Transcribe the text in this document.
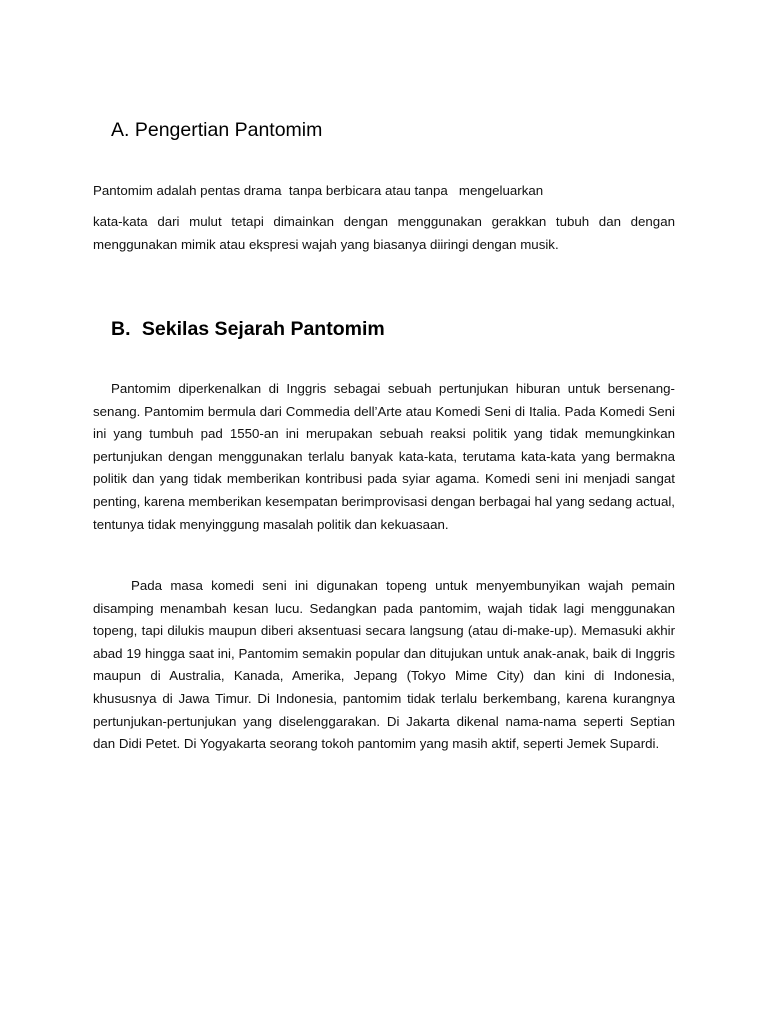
A. Pengertian Pantomim

Pantomim adalah pentas drama  tanpa berbicara atau tanpa   mengeluarkan

kata-kata dari mulut tetapi dimainkan dengan menggunakan gerakkan tubuh dan dengan menggunakan mimik atau ekspresi wajah yang biasanya diiringi dengan musik.

B. Sekilas Sejarah Pantomim

Pantomim diperkenalkan di Inggris sebagai sebuah pertunjukan hiburan untuk bersenang-senang. Pantomim bermula dari Commedia dell’Arte atau Komedi Seni di Italia. Pada Komedi Seni ini yang tumbuh pad 1550-an ini merupakan sebuah reaksi politik yang tidak memungkinkan pertunjukan dengan menggunakan terlalu banyak kata-kata, terutama kata-kata yang bermakna politik dan yang tidak memberikan kontribusi pada syiar agama. Komedi seni ini menjadi sangat penting, karena memberikan kesempatan berimprovisasi dengan berbagai hal yang sedang actual, tentunya tidak menyinggung masalah politik dan kekuasaan.

Pada masa komedi seni ini digunakan topeng untuk menyembunyikan wajah pemain disamping menambah kesan lucu. Sedangkan pada pantomim, wajah tidak lagi menggunakan topeng, tapi dilukis maupun diberi aksentuasi secara langsung (atau di-make-up). Memasuki akhir abad 19 hingga saat ini, Pantomim semakin popular dan ditujukan untuk anak-anak, baik di Inggris maupun di Australia, Kanada, Amerika, Jepang (Tokyo Mime City) dan kini di Indonesia, khususnya di Jawa Timur. Di Indonesia, pantomim tidak terlalu berkembang, karena kurangnya pertunjukan-pertunjukan yang diselenggarakan. Di Jakarta dikenal nama-nama seperti Septian dan Didi Petet. Di Yogyakarta seorang tokoh pantomim yang masih aktif, seperti Jemek Supardi.
